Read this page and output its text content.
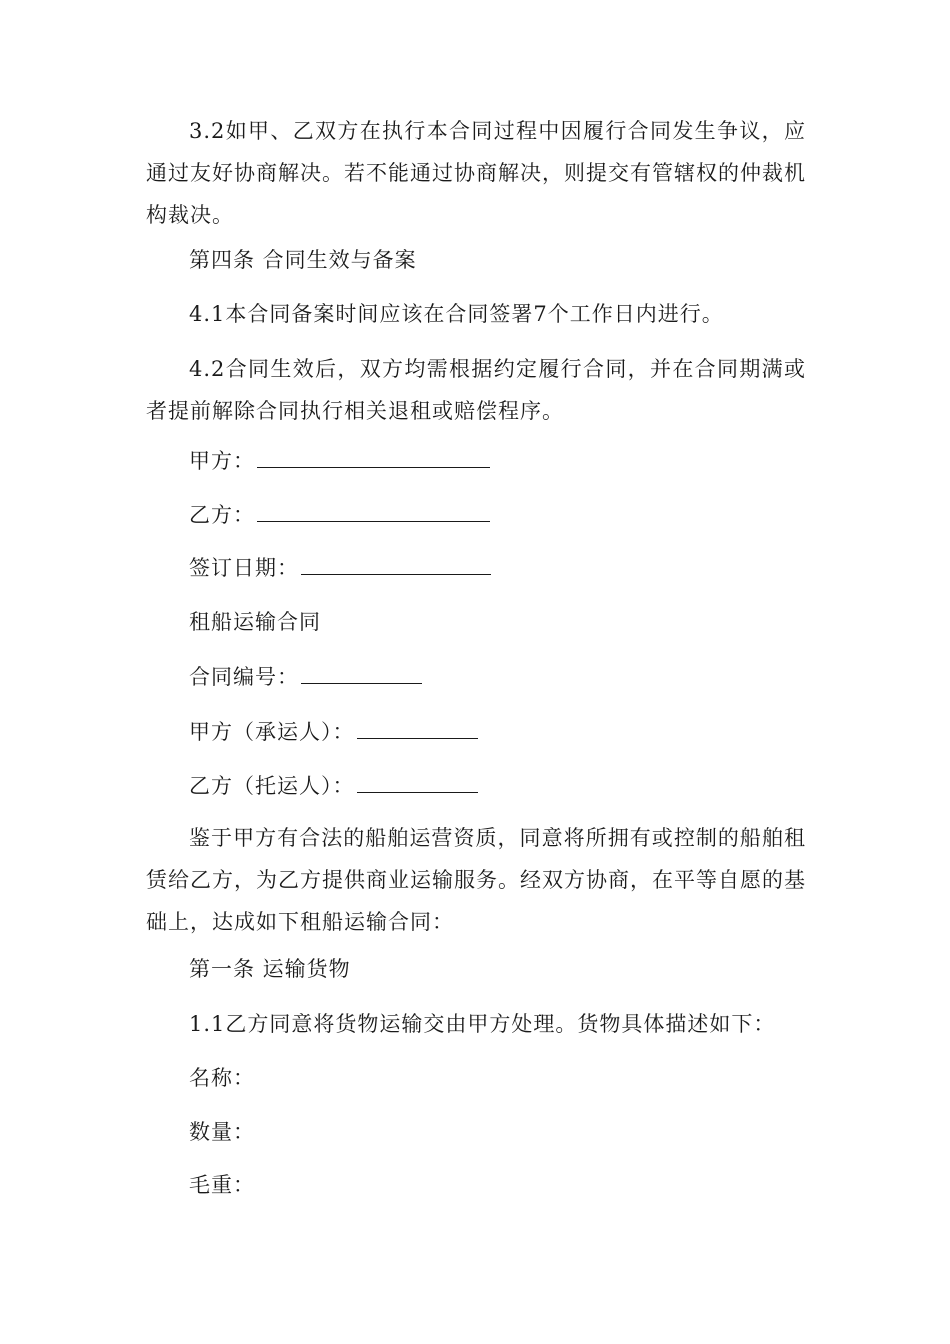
3.2如甲、乙双方在执行本合同过程中因履行合同发生争议，应通过友好协商解决。若不能通过协商解决，则提交有管辖权的仲裁机构裁决。

第四条 合同生效与备案

4.1本合同备案时间应该在合同签署7个工作日内进行。

4.2合同生效后，双方均需根据约定履行合同，并在合同期满或者提前解除合同执行相关退租或赔偿程序。

甲方：

乙方：

签订日期：

租船运输合同

合同编号：

甲方（承运人）：

乙方（托运人）：

鉴于甲方有合法的船舶运营资质，同意将所拥有或控制的船舶租赁给乙方，为乙方提供商业运输服务。经双方协商，在平等自愿的基础上，达成如下租船运输合同：

第一条 运输货物

1.1乙方同意将货物运输交由甲方处理。货物具体描述如下：

名称：

数量：

毛重：
